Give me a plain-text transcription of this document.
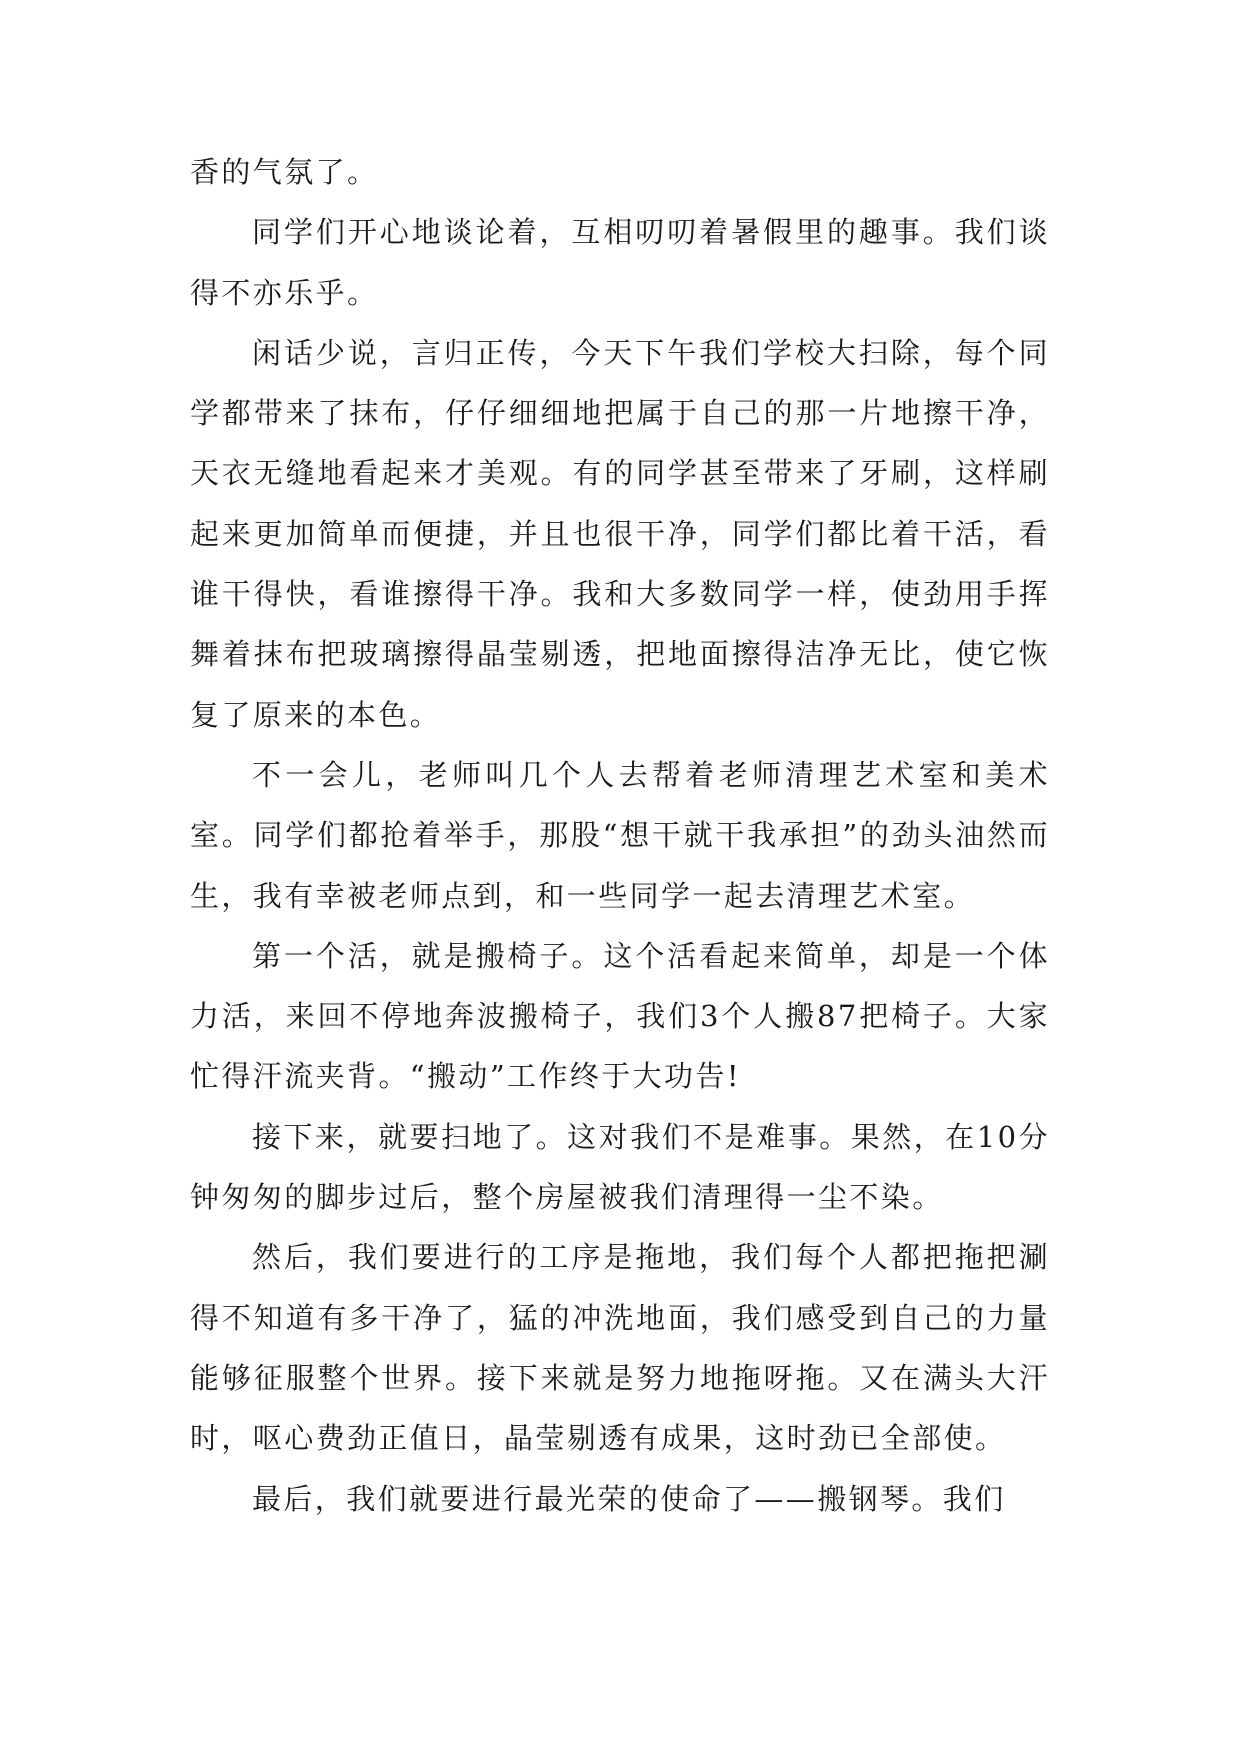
香的气氛了。

同学们开心地谈论着，互相叨叨着暑假里的趣事。我们谈得不亦乐乎。

闲话少说，言归正传，今天下午我们学校大扫除，每个同学都带来了抹布，仔仔细细地把属于自己的那一片地擦干净，天衣无缝地看起来才美观。有的同学甚至带来了牙刷，这样刷起来更加简单而便捷，并且也很干净，同学们都比着干活，看谁干得快，看谁擦得干净。我和大多数同学一样，使劲用手挥舞着抹布把玻璃擦得晶莹剔透，把地面擦得洁净无比，使它恢复了原来的本色。

不一会儿，老师叫几个人去帮着老师清理艺术室和美术室。同学们都抢着举手，那股“想干就干我承担”的劲头油然而生，我有幸被老师点到，和一些同学一起去清理艺术室。

第一个活，就是搬椅子。这个活看起来简单，却是一个体力活，来回不停地奔波搬椅子，我们3个人搬87把椅子。大家忙得汗流夹背。“搬动”工作终于大功告!

接下来，就要扫地了。这对我们不是难事。果然，在10分钟匆匆的脚步过后，整个房屋被我们清理得一尘不染。

然后，我们要进行的工序是拖地，我们每个人都把拖把涮得不知道有多干净了，猛的冲洗地面，我们感受到自己的力量能够征服整个世界。接下来就是努力地拖呀拖。又在满头大汗时，呕心费劲正值日，晶莹剔透有成果，这时劲已全部使。

最后，我们就要进行最光荣的使命了——搬钢琴。我们
